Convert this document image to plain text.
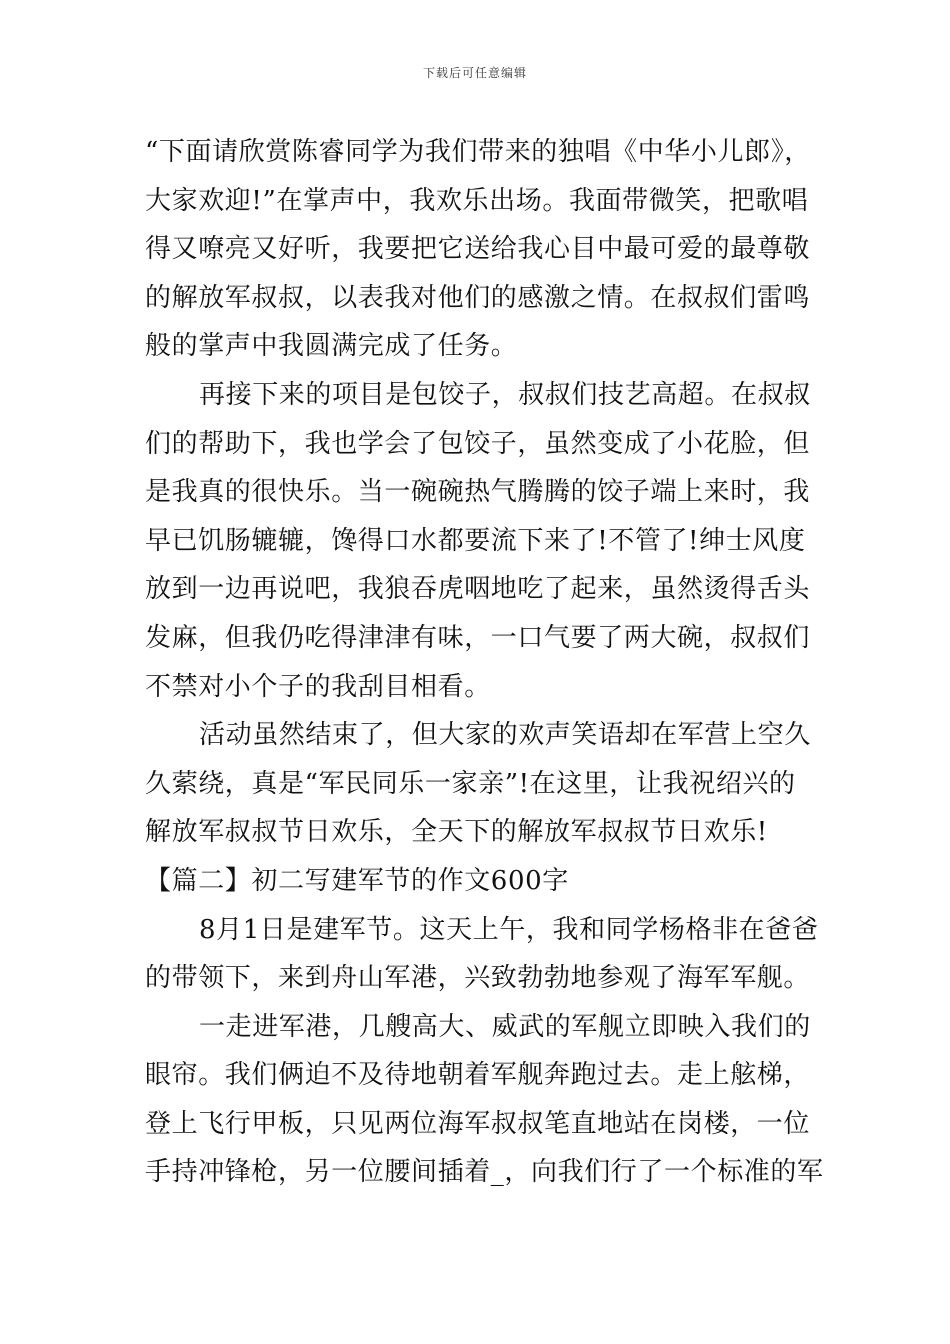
下载后可任意编辑
“下面请欣赏陈睿同学为我们带来的独唱《中华小儿郎》，
大家欢迎!”在掌声中，我欢乐出场。我面带微笑，把歌唱
得又嘹亮又好听，我要把它送给我心目中最可爱的最尊敬
的解放军叔叔，以表我对他们的感激之情。在叔叔们雷鸣
般的掌声中我圆满完成了任务。
再接下来的项目是包饺子，叔叔们技艺高超。在叔叔
们的帮助下，我也学会了包饺子，虽然变成了小花脸，但
是我真的很快乐。当一碗碗热气腾腾的饺子端上来时，我
早已饥肠辘辘，馋得口水都要流下来了!不管了!绅士风度
放到一边再说吧，我狼吞虎咽地吃了起来，虽然烫得舌头
发麻，但我仍吃得津津有味，一口气要了两大碗，叔叔们
不禁对小个子的我刮目相看。
活动虽然结束了，但大家的欢声笑语却在军营上空久
久萦绕，真是“军民同乐一家亲”!在这里，让我祝绍兴的
解放军叔叔节日欢乐，全天下的解放军叔叔节日欢乐!
【篇二】初二写建军节的作文600字
8月1日是建军节。这天上午，我和同学杨格非在爸爸
的带领下，来到舟山军港，兴致勃勃地参观了海军军舰。
一走进军港，几艘高大、威武的军舰立即映入我们的
眼帘。我们俩迫不及待地朝着军舰奔跑过去。走上舷梯，
登上飞行甲板，只见两位海军叔叔笔直地站在岗楼，一位
手持冲锋枪，另一位腰间插着_，向我们行了一个标准的军
